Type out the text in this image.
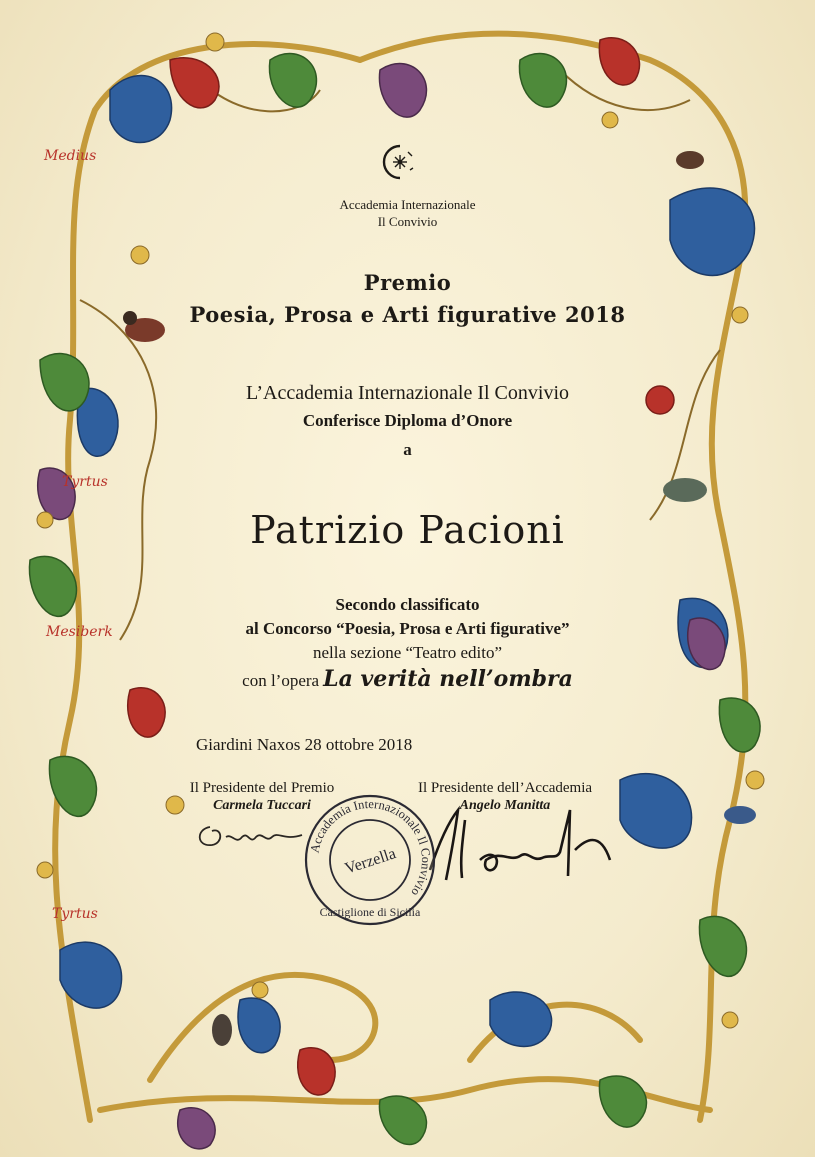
Medius
Tyrtus
Mesiberk
Tyrtus
Accademia Internazionale
Il Convivio
Premio
Poesia, Prosa e Arti figurative 2018
L’Accademia Internazionale Il Convivio
Conferisce Diploma d’Onore
a
Patrizio Pacioni
Secondo classificato
al Concorso “Poesia, Prosa e Arti figurative”
nella sezione “Teatro edito”
con l’opera La verità nell’ombra
Giardini Naxos 28 ottobre 2018
Il Presidente del Premio
Carmela Tuccari
Il Presidente dell’Accademia
Angelo Manitta
Accademia Internazionale Il Convivio
Castiglione di Sicilia
Verzella
